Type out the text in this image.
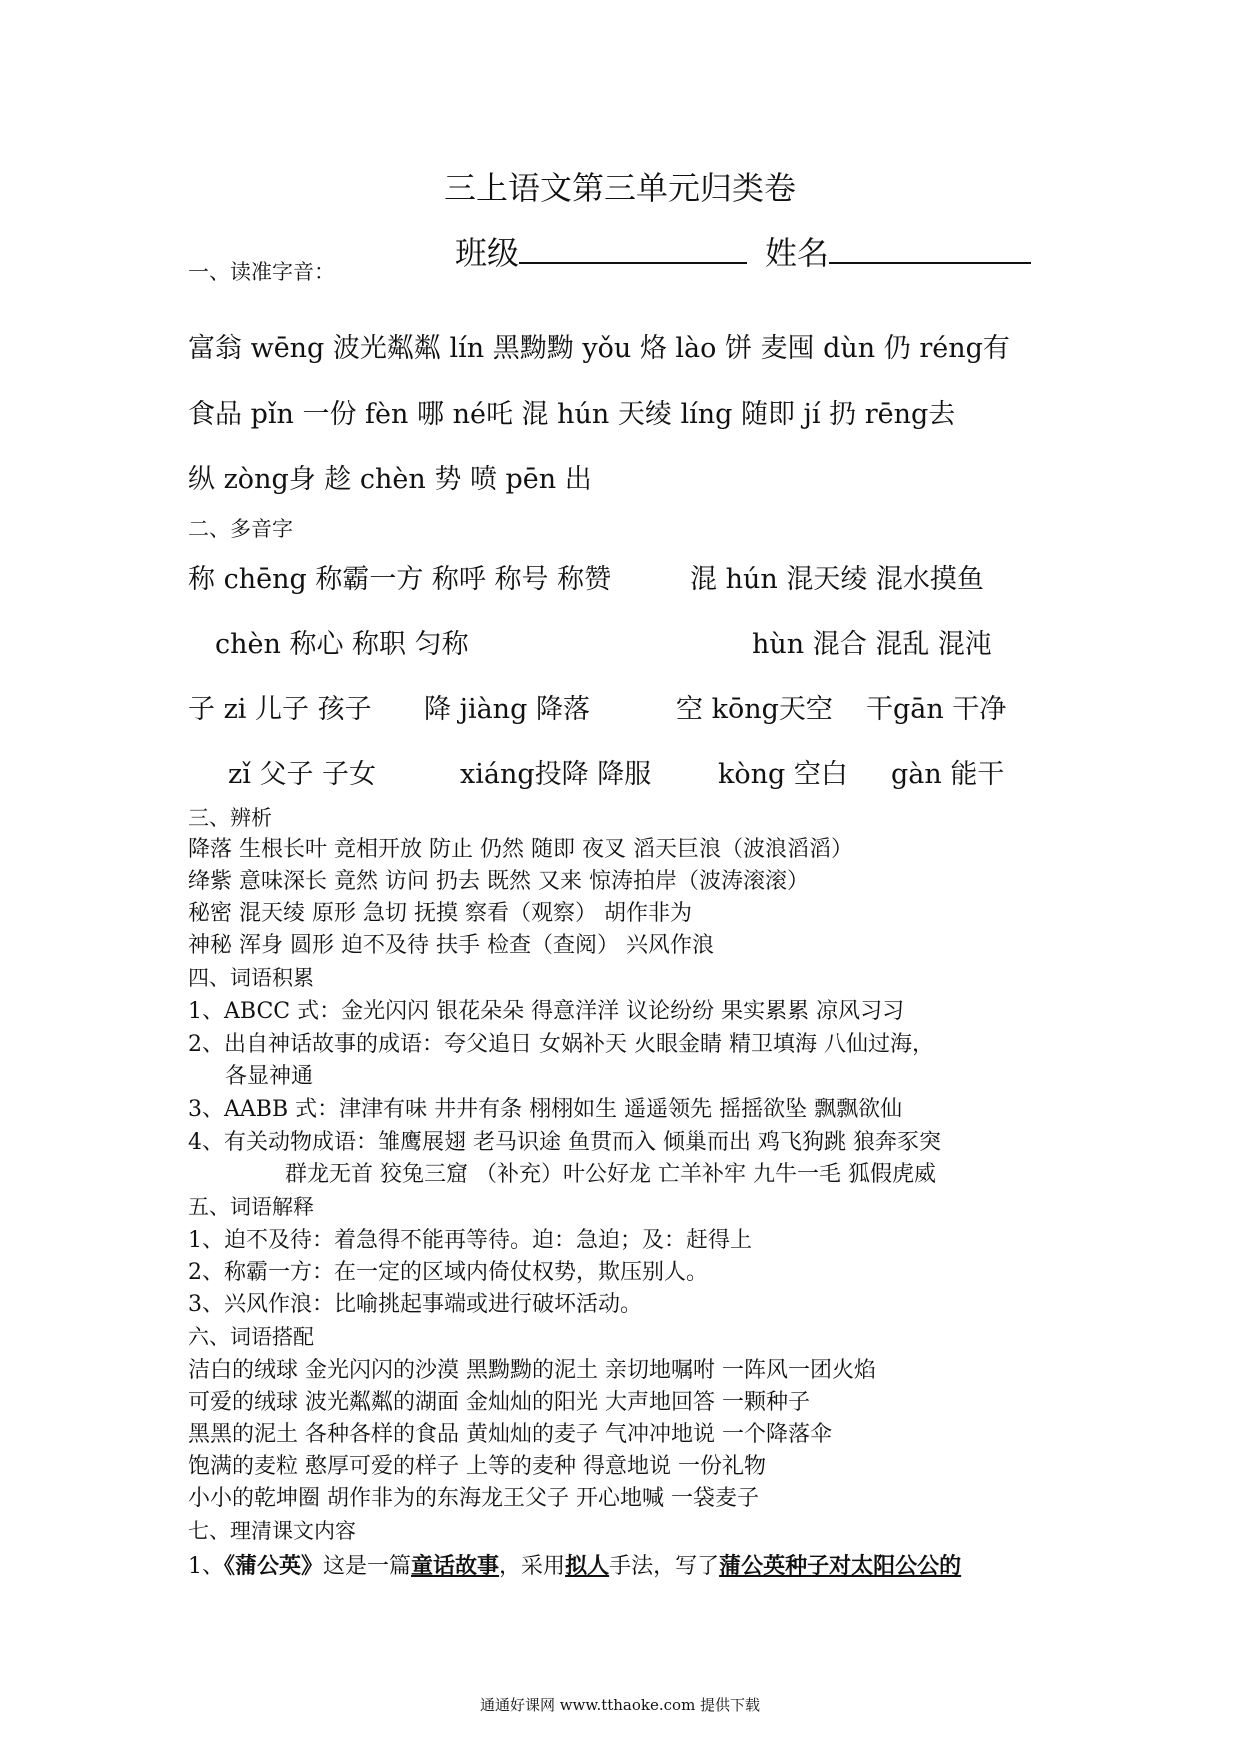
三上语文第三单元归类卷
班级	姓名
一、读准字音：
富翁 wēng 波光粼粼 lín 黑黝黝 yǒu 烙 lào 饼 麦囤 dùn 仍 réng有
食品 pǐn 一份 fèn 哪 né吒 混 hún 天绫 líng 随即 jí 扔 rēng去
纵 zòng身 趁 chèn 势 喷 pēn 出
二、多音字
称 chēng 称霸一方 称呼 称号 称赞	混 hún 混天绫 混水摸鱼
chèn 称心 称职 匀称	hùn 混合 混乱 混沌
子 zi 儿子 孩子 降 jiàng 降落	空 kōng天空 干gān 干净
zǐ 父子 子女	xiáng投降 降服 kòng 空白 gàn 能干
三、辨析
降落 生根长叶 竞相开放 防止 仍然 随即 夜叉 滔天巨浪（波浪滔滔）
绛紫 意味深长 竟然 访问 扔去 既然 又来 惊涛拍岸（波涛滚滚）
秘密 混天绫 原形 急切 抚摸 察看（观察） 胡作非为
神秘 浑身 圆形 迫不及待 扶手 检查（查阅） 兴风作浪
四、词语积累
1、ABCC 式：金光闪闪 银花朵朵 得意洋洋 议论纷纷 果实累累 凉风习习
2、出自神话故事的成语：夸父追日 女娲补天 火眼金睛 精卫填海 八仙过海，
各显神通
3、AABB 式：津津有味 井井有条 栩栩如生 遥遥领先 摇摇欲坠 飘飘欲仙
4、有关动物成语：雏鹰展翅 老马识途 鱼贯而入 倾巢而出 鸡飞狗跳 狼奔豕突
群龙无首 狡兔三窟 （补充）叶公好龙 亡羊补牢 九牛一毛 狐假虎威
五、词语解释
1、迫不及待：着急得不能再等待。迫：急迫；及：赶得上
2、称霸一方：在一定的区域内倚仗权势，欺压别人。
3、兴风作浪：比喻挑起事端或进行破坏活动。
六、词语搭配
洁白的绒球 金光闪闪的沙漠 黑黝黝的泥土 亲切地嘱咐 一阵风一团火焰
可爱的绒球 波光粼粼的湖面 金灿灿的阳光 大声地回答 一颗种子
黑黑的泥土 各种各样的食品 黄灿灿的麦子 气冲冲地说 一个降落伞
饱满的麦粒 憨厚可爱的样子 上等的麦种 得意地说 一份礼物
小小的乾坤圈 胡作非为的东海龙王父子 开心地喊 一袋麦子
七、理清课文内容
1、《蒲公英》这是一篇童话故事，采用拟人手法，写了蒲公英种子对太阳公公的
通通好课网 www.tthaoke.com 提供下载
